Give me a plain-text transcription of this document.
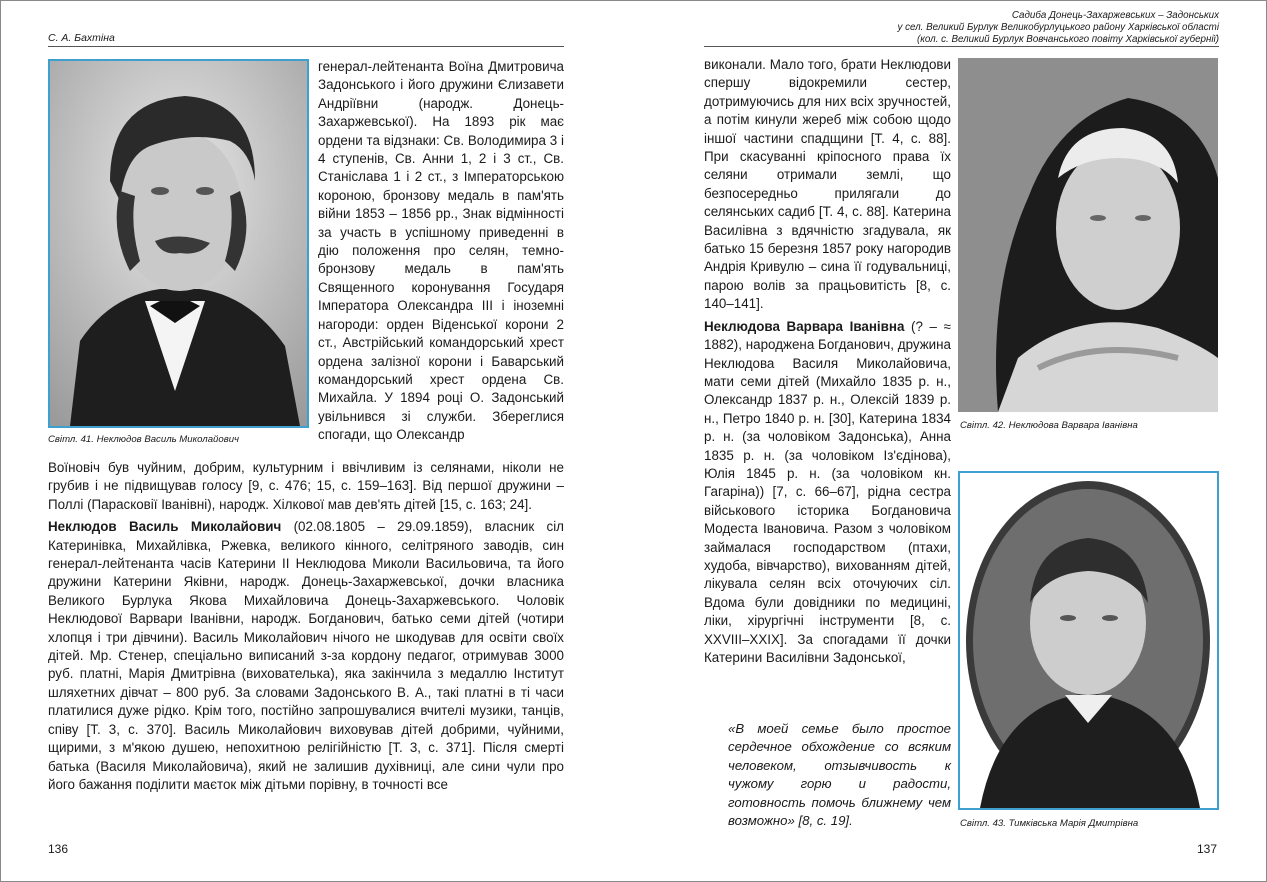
С. А. Бахтіна
Світл. 41. Неклюдов Василь Миколайович

генерал-лейтенанта Воїна Дмитровича Задонського і його дружини Єлизавети Андріївни (народж. Донець-Захаржевської). На 1893 рік має ордени та відзнаки: Св. Володимира 3 і 4 ступенів, Св. Анни 1, 2 і 3 ст., Св. Станіслава 1 і 2 ст., з Імператорською короною, бронзову медаль в пам'ять війни 1853 – 1856 рр., Знак відмінності за участь в успішному приведенні в дію положення про селян, темно-бронзову медаль в пам'ять Священного коронування Государя Імператора Олександра ІІІ і іноземні нагороди: орден Віденської корони 2 ст., Австрійський командорський хрест ордена залізної корони і Баварський командорський хрест ордена Св. Михайла. У 1894 році О. Задонський увільнився зі служби. Збереглися спогади, що Олександр

Воїновіч був чуйним, добрим, культурним і ввічливим із селянами, ніколи не грубив і не підвищував голосу [9, с. 476; 15, с. 159–163]. Від першої дружини – Поллі (Парасковії Іванівні), народж. Хілкової мав дев'ять дітей [15, с. 163; 24].

Неклюдов Василь Миколайович (02.08.1805 – 29.09.1859), власник сіл Катеринівка, Михайлівка, Ржевка, великого кінного, селітряного заводів, син генерал-лейтенанта часів Катерини ІІ Неклюдова Миколи Васильовича, та його дружини Катерини Яківни, народж. Донець-Захаржевської, дочки власника Великого Бурлука Якова Михайловича Донець-Захаржевського. Чоловік Неклюдової Варвари Іванівни, народж. Богданович, батько семи дітей (чотири хлопця і три дівчини). Василь Миколайович нічого не шкодував для освіти своїх дітей. Мр. Стенер, спеціально виписаний з-за кордону педагог, отримував 3000 руб. платні, Марія Дмитрівна (вихователька), яка закінчила з медаллю Інститут шляхетних дівчат – 800 руб. За словами Задонського В. А., такі платні в ті часи платилися дуже рідко. Крім того, постійно запрошувалися вчителі музики, танців, співу [Т. 3, с. 370]. Василь Миколайович виховував дітей добрими, чуйними, щирими, з м'якою душею, непохитною релігійністю [Т. 3, с. 371]. Після смерті батька (Василя Миколайовича), який не залишив духівниці, але сини чули про його бажання поділити маєток між дітьми порівну, в точності все

136
Садиба Донець-Захаржевських – Задонських
у сел. Великий Бурлук Великобурлуцького району Харківської області
(кол. с. Великий Бурлук Вовчанського повіту Харківської губернії)

виконали. Мало того, брати Неклюдови спершу відокремили сестер, дотримуючись для них всіх зручностей, а потім кинули жереб між собою щодо іншої частини спадщини [Т. 4, с. 88]. При скасуванні кріпосного права їх селяни отримали землі, що безпосередньо прилягали до селянських садиб [Т. 4, с. 88]. Катерина Василівна з вдячністю згадувала, як батько 15 березня 1857 року нагородив Андрія Кривулю – сина її годувальниці, парою волів за працьовитість [8, с. 140–141].

Неклюдова Варвара Іванівна (? – ≈ 1882), народжена Богданович, дружина Неклюдова Василя Миколайовича, мати семи дітей (Михайло 1835 р. н., Олександр 1837 р. н., Олексій 1839 р. н., Петро 1840 р. н. [30], Катерина 1834 р. н. (за чоловіком Задонська), Анна 1835 р. н. (за чоловіком Із'єдінова), Юлія 1845 р. н. (за чоловіком кн. Гагаріна)) [7, с. 66–67], рідна сестра військового історика Богдановича Модеста Івановича. Разом з чоловіком займалася господарством (птахи, худоба, вівчарство), вихованням дітей, лікувала селян всіх оточуючих сіл. Вдома були довідники по медицині, ліки, хірургічні інструменти [8, с. XXVIII–XXIX]. За спогадами її дочки Катерини Василівни Задонської,

«В моей семье было простое сердечное обхождение со всяким человеком, отзывчивость к чужому горю и радости, готовность помочь ближнему чем возможно» [8, с. 19].
Світл. 42. Неклюдова Варвара Іванівна
Світл. 43. Тимківська Марія Дмитрівна
137
